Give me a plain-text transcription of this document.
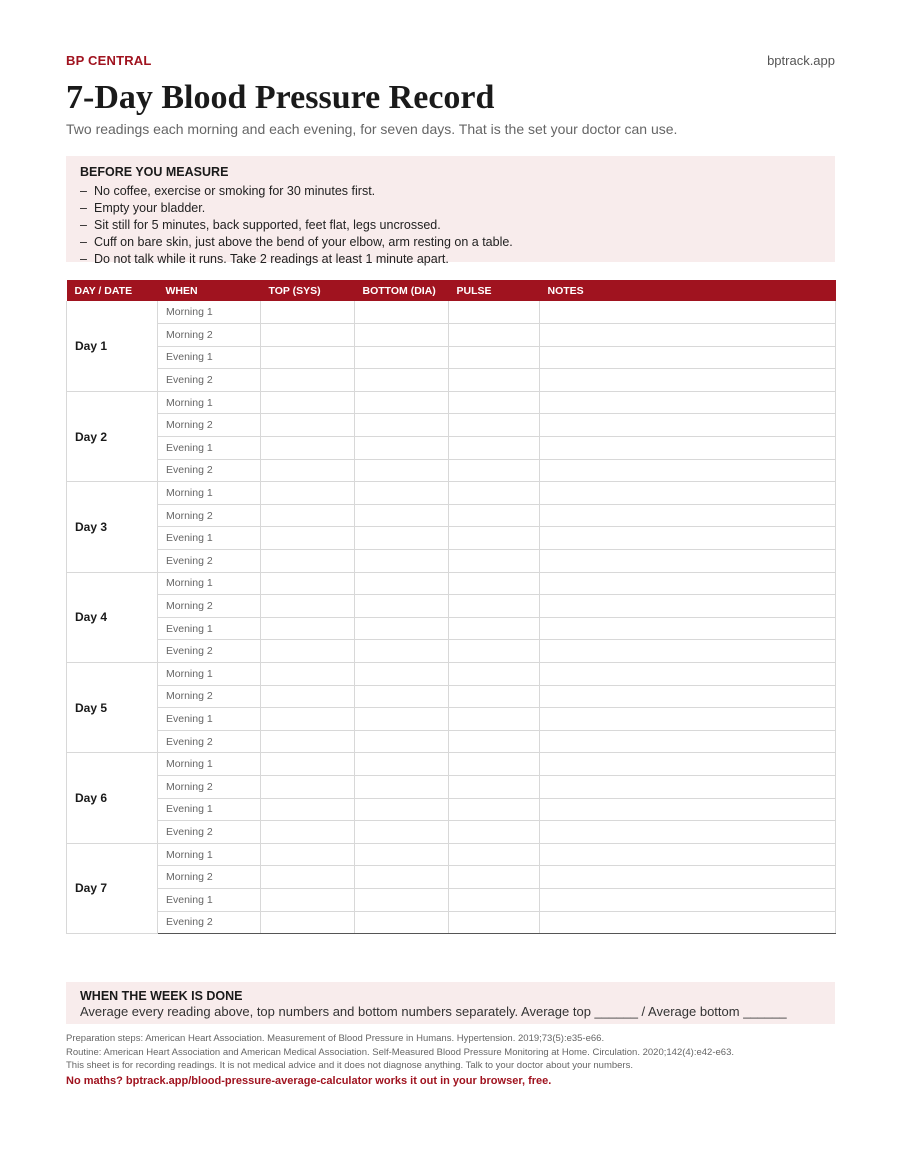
BP CENTRAL	bptrack.app
7-Day Blood Pressure Record
Two readings each morning and each evening, for seven days. That is the set your doctor can use.
BEFORE YOU MEASURE
– No coffee, exercise or smoking for 30 minutes first.
– Empty your bladder.
– Sit still for 5 minutes, back supported, feet flat, legs uncrossed.
– Cuff on bare skin, just above the bend of your elbow, arm resting on a table.
– Do not talk while it runs. Take 2 readings at least 1 minute apart.
DAY / DATE	WHEN	TOP (SYS)	BOTTOM (DIA)	PULSE	NOTES
Day 1	Morning 1				
	Morning 2				
	Evening 1				
	Evening 2				
Day 2	Morning 1				
	Morning 2				
	Evening 1				
	Evening 2				
Day 3	Morning 1				
	Morning 2				
	Evening 1				
	Evening 2				
Day 4	Morning 1				
	Morning 2				
	Evening 1				
	Evening 2				
Day 5	Morning 1				
	Morning 2				
	Evening 1				
	Evening 2				
Day 6	Morning 1				
	Morning 2				
	Evening 1				
	Evening 2				
Day 7	Morning 1				
	Morning 2				
	Evening 1				
	Evening 2				
WHEN THE WEEK IS DONE
Average every reading above, top numbers and bottom numbers separately. Average top ______ / Average bottom ______
Preparation steps: American Heart Association. Measurement of Blood Pressure in Humans. Hypertension. 2019;73(5):e35-e66.
Routine: American Heart Association and American Medical Association. Self-Measured Blood Pressure Monitoring at Home. Circulation. 2020;142(4):e42-e63.
This sheet is for recording readings. It is not medical advice and it does not diagnose anything. Talk to your doctor about your numbers.
No maths? bptrack.app/blood-pressure-average-calculator works it out in your browser, free.
